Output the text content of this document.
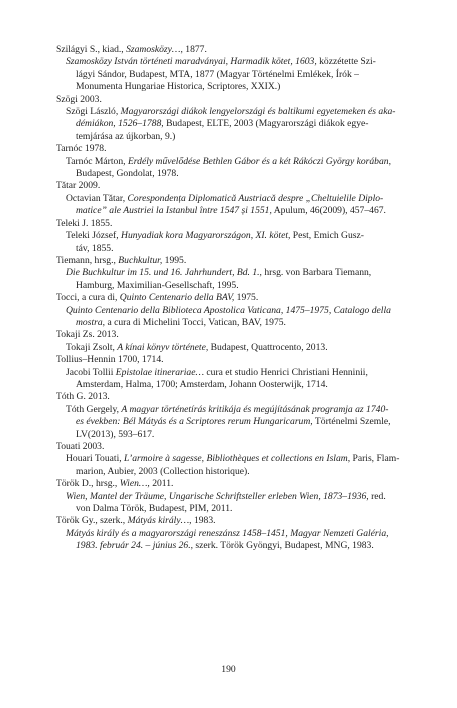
Szilágyi S., kiad., Szamosközy…, 1877.
Szamosközy István történeti maradványai, Harmadik kötet, 1603, közzétette Szi-
lágyi Sándor, Budapest, MTA, 1877 (Magyar Történelmi Emlékek, Írók –
Monumenta Hungariae Historica, Scriptores, XXIX.)
Szögi 2003.
Szögi László, Magyarországi diákok lengyelországi és baltikumi egyetemeken és aka-
démiákon, 1526–1788, Budapest, ELTE, 2003 (Magyarországi diákok egye-
temjárása az újkorban, 9.)
Tarnóc 1978.
Tarnóc Márton, Erdély művelődése Bethlen Gábor és a két Rákóczi György korában,
Budapest, Gondolat, 1978.
Tătar 2009.
Octavian Tătar, Corespondența Diplomatică Austriacă despre „Cheltuielile Diplo-
matice” ale Austriei la Istanbul între 1547 și 1551, Apulum, 46(2009), 457–467.
Teleki J. 1855.
Teleki József, Hunyadiak kora Magyarországon, XI. kötet, Pest, Emich Gusz-
táv, 1855.
Tiemann, hrsg., Buchkultur, 1995.
Die Buchkultur im 15. und 16. Jahrhundert, Bd. 1., hrsg. von Barbara Tiemann,
Hamburg, Maximilian-Gesellschaft, 1995.
Tocci, a cura di, Quinto Centenario della BAV, 1975.
Quinto Centenario della Biblioteca Apostolica Vaticana, 1475–1975, Catalogo della
mostra, a cura di Michelini Tocci, Vatican, BAV, 1975.
Tokaji Zs. 2013.
Tokaji Zsolt, A kínai könyv története, Budapest, Quattrocento, 2013.
Tollius–Hennin 1700, 1714.
Jacobi Tollii Epistolae itinerariae… cura et studio Henrici Christiani Henninii,
Amsterdam, Halma, 1700; Amsterdam, Johann Oosterwijk, 1714.
Tóth G. 2013.
Tóth Gergely, A magyar történetírás kritikája és megújításának programja az 1740-
es években: Bél Mátyás és a Scriptores rerum Hungaricarum, Történelmi Szemle,
LV(2013), 593–617.
Touati 2003.
Houari Touati, L’armoire à sagesse, Bibliothèques et collections en Islam, Paris, Flam-
marion, Aubier, 2003 (Collection historique).
Török D., hrsg., Wien…, 2011.
Wien, Mantel der Träume, Ungarische Schriftsteller erleben Wien, 1873–1936, red.
von Dalma Török, Budapest, PIM, 2011.
Török Gy., szerk., Mátyás király…, 1983.
Mátyás király és a magyarországi reneszánsz 1458–1451, Magyar Nemzeti Galéria,
1983. február 24. – június 26., szerk. Török Gyöngyi, Budapest, MNG, 1983.
190
